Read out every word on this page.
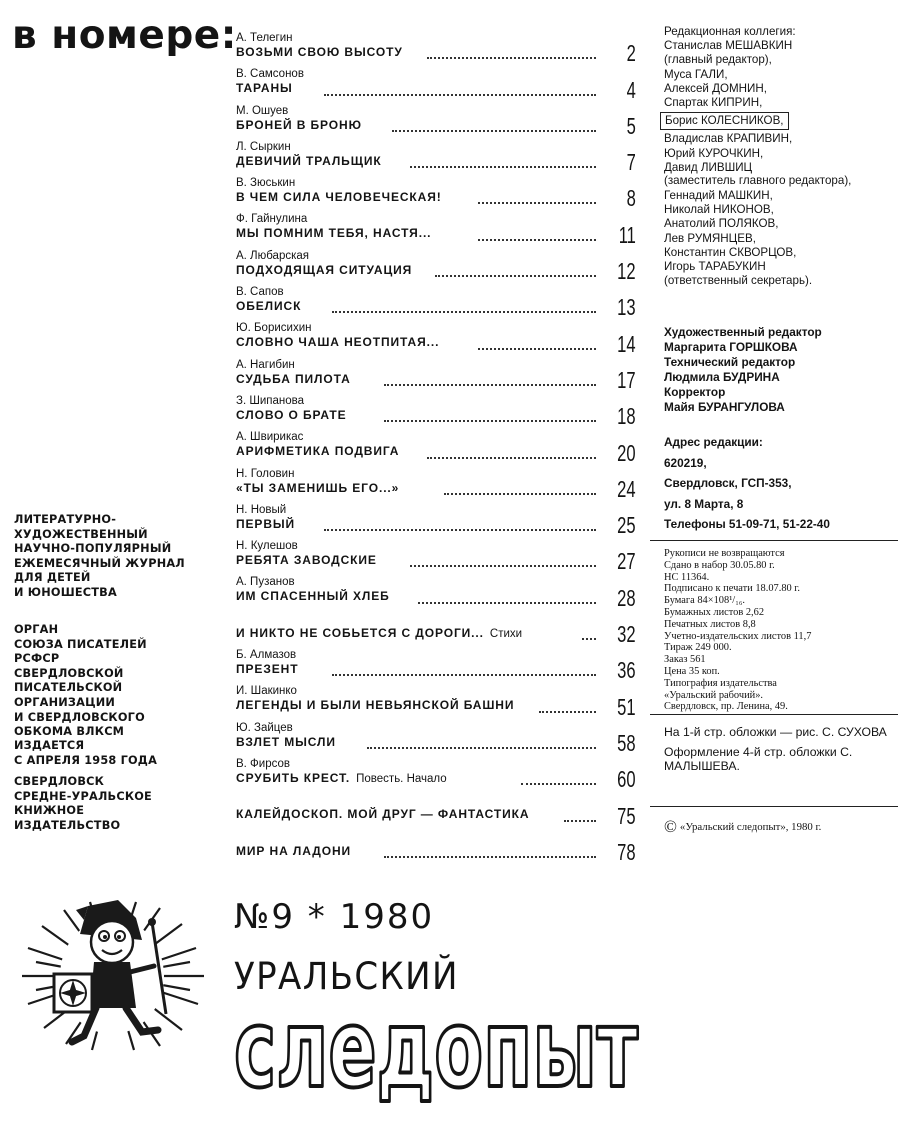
в номере:
ЛИТЕРАТУРНО-
ХУДОЖЕСТВЕННЫЙ
НАУЧНО-ПОПУЛЯРНЫЙ
ЕЖЕМЕСЯЧНЫЙ ЖУРНАЛ
ДЛЯ ДЕТЕЙ
И ЮНОШЕСТВА
ОРГАН
СОЮЗА ПИСАТЕЛЕЙ
РСФСР
СВЕРДЛОВСКОЙ
ПИСАТЕЛЬСКОЙ
ОРГАНИЗАЦИИ
И СВЕРДЛОВСКОГО
ОБКОМА ВЛКСМ
ИЗДАЕТСЯ
С АПРЕЛЯ 1958 ГОДА
СВЕРДЛОВСК
СРЕДНЕ-УРАЛЬСКОЕ
КНИЖНОЕ
ИЗДАТЕЛЬСТВО
А. Телегин
ВОЗЬМИ СВОЮ ВЫСОТУ	2
В. Самсонов
ТАРАНЫ	4
М. Ошуев
БРОНЕЙ В БРОНЮ	5
Л. Сыркин
ДЕВИЧИЙ ТРАЛЬЩИК	7
В. Зюськин
В ЧЕМ СИЛА ЧЕЛОВЕЧЕСКАЯ!	8
Ф. Гайнулина
МЫ ПОМНИМ ТЕБЯ, НАСТЯ...	11
А. Любарская
ПОДХОДЯЩАЯ СИТУАЦИЯ	12
В. Сапов
ОБЕЛИСК	13
Ю. Борисихин
СЛОВНО ЧАША НЕОТПИТАЯ...	14
А. Нагибин
СУДЬБА ПИЛОТА	17
З. Шипанова
СЛОВО О БРАТЕ	18
А. Швирикас
АРИФМЕТИКА ПОДВИГА	20
Н. Головин
«ТЫ ЗАМЕНИШЬ ЕГО...»	24
Н. Новый
ПЕРВЫЙ	25
Н. Кулешов
РЕБЯТА ЗАВОДСКИЕ	27
А. Пузанов
ИМ СПАСЕННЫЙ ХЛЕБ	28
И НИКТО НЕ СОБЬЕТСЯ С ДОРОГИ... Стихи	32
Б. Алмазов
ПРЕЗЕНТ	36
И. Шакинко
ЛЕГЕНДЫ И БЫЛИ НЕВЬЯНСКОЙ БАШНИ	51
Ю. Зайцев
ВЗЛЕТ МЫСЛИ	58
В. Фирсов
СРУБИТЬ КРЕСТ. Повесть. Начало	60
КАЛЕЙДОСКОП. МОЙ ДРУГ — ФАНТАСТИКА	75
МИР НА ЛАДОНИ	78
Редакционная коллегия:
Станислав МЕШАВКИН
(главный редактор),
Муса ГАЛИ,
Алексей ДОМНИН,
Спартак КИПРИН,
Борис КОЛЕСНИКОВ,
Владислав КРАПИВИН,
Юрий КУРОЧКИН,
Давид ЛИВШИЦ
(заместитель главного редактора),
Геннадий МАШКИН,
Николай НИКОНОВ,
Анатолий ПОЛЯКОВ,
Лев РУМЯНЦЕВ,
Константин СКВОРЦОВ,
Игорь ТАРАБУКИН
(ответственный секретарь).
Художественный редактор
Маргарита ГОРШКОВА
Технический редактор
Людмила БУДРИНА
Корректор
Майя БУРАНГУЛОВА
Адрес редакции:
620219,
Свердловск, ГСП-353,
ул. 8 Марта, 8
Телефоны 51-09-71, 51-22-40
Рукописи не возвращаются
Сдано в набор 30.05.80 г.
НС 11364.
Подписано к печати 18.07.80 г.
Бумага 84×108¹/₁₆.
Бумажных листов 2,62
Печатных листов 8,8
Учетно-издательских листов 11,7
Тираж 249 000.
Заказ 561
Цена 35 коп.
Типография издательства
«Уральский рабочий».
Свердловск, пр. Ленина, 49.
На 1-й стр. обложки — рис. С. СУХОВА
Оформление 4-й стр. обложки С. МАЛЫШЕВА.
© «Уральский следопыт», 1980 г.
№9 * 1980
УРАЛЬСКИЙ
следопыт
